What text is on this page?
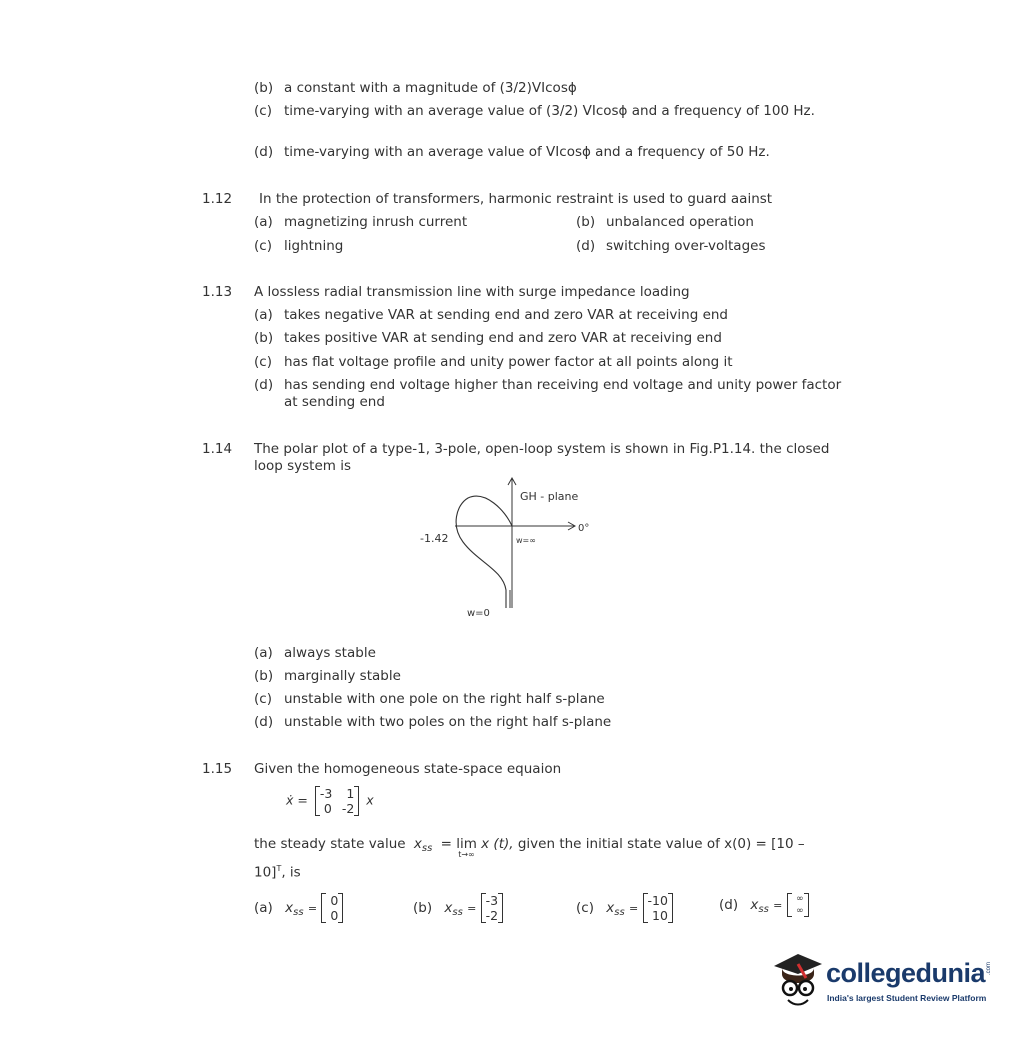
(b) a constant with a magnitude of (3/2)VIcosϕ
(c) time-varying with an average value of (3/2) VIcosϕ and a frequency of 100 Hz.
(d) time-varying with an average value of VIcosϕ and a frequency of 50 Hz.
1.12 In the protection of transformers, harmonic restraint is used to guard aainst
(a) magnetizing inrush current	(b) unbalanced operation
(c) lightning	(d) switching over-voltages
1.13 A lossless radial transmission line with surge impedance loading
(a) takes negative VAR at sending end and zero VAR at receiving end
(b) takes positive VAR at sending end and zero VAR at receiving end
(c) has flat voltage profile and unity power factor at all points along it
(d) has sending end voltage higher than receiving end voltage and unity power factor at sending end
1.14 The polar plot of a type-1, 3-pole, open-loop system is shown in Fig.P1.14. the closed loop system is
GH - plane
0°
-1.42	w=∞
w=0
(a) always stable
(b) marginally stable
(c) unstable with one pole on the right half s-plane
(d) unstable with two poles on the right half s-plane
1.15 Given the homogeneous state-space equaion
ẋ = -3	1
0 -2
x
the steady state value $x_{ss} = \lim$
t→∞
x (t), given the initial state value of x(0) = [10 –
10]$^T$, is
(a) $x_{ss}$ =
0
0	(b) $x_{ss}$ =
-3
-2	(c) $x_{ss}$ =
-10
10
(d) $x_{ss}$ =	∞
∞
collegedunia .com
India's largest Student Review Platform
